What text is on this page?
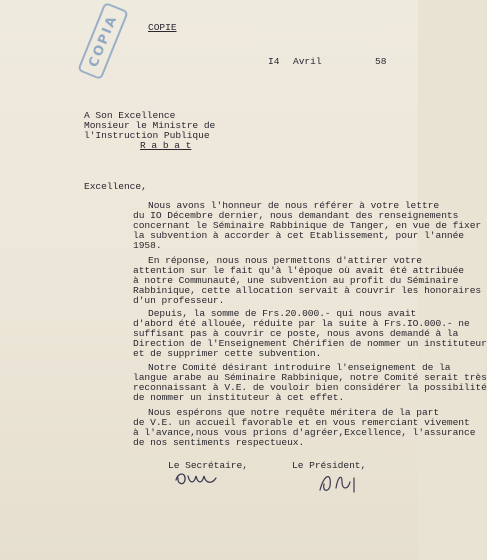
COPIE
COPIA	I4 Avril	58
A Son Excellence
Monsieur le Ministre de
l'Instruction Publique
R a b a t
Excellence,
Nous avons l'honneur de nous référer à votre lettre
du IO Décembre dernier, nous demandant des renseignements
concernant le Séminaire Rabbinique de Tanger, en vue de fixer
la subvention à accorder à cet Etablissement, pour l'année
1958.
En réponse, nous nous permettons d'attirer votre
attention sur le fait qu'à l'époque où avait été attribuée
à notre Communauté, une subvention au profit du Séminaire
Rabbinique, cette allocation servait à couvrir les honoraires
d'un professeur.
Depuis, la somme de Frs.20.000.- qui nous avait
d'abord été allouée, réduite par la suite à Frs.IO.000.- ne
suffisant pas à couvrir ce poste, nous avons demandé à la
Direction de l'Enseignement Chérifien de nommer un instituteur
et de supprimer cette subvention.
Notre Comité désirant introduire l'enseignement de la
langue arabe au Séminaire Rabbinique, notre Comité serait très
reconnaissant à V.E. de vouloir bien considérer la possibilité
de nommer un instituteur à cet effet.
Nous espérons que notre requête méritera de la part
de V.E. un accueil favorable et en vous remerciant vivement
à l'avance,nous vous prions d'agréer,Excellence, l'assurance
de nos sentiments respectueux.
Le Secrétaire,	Le Président,
